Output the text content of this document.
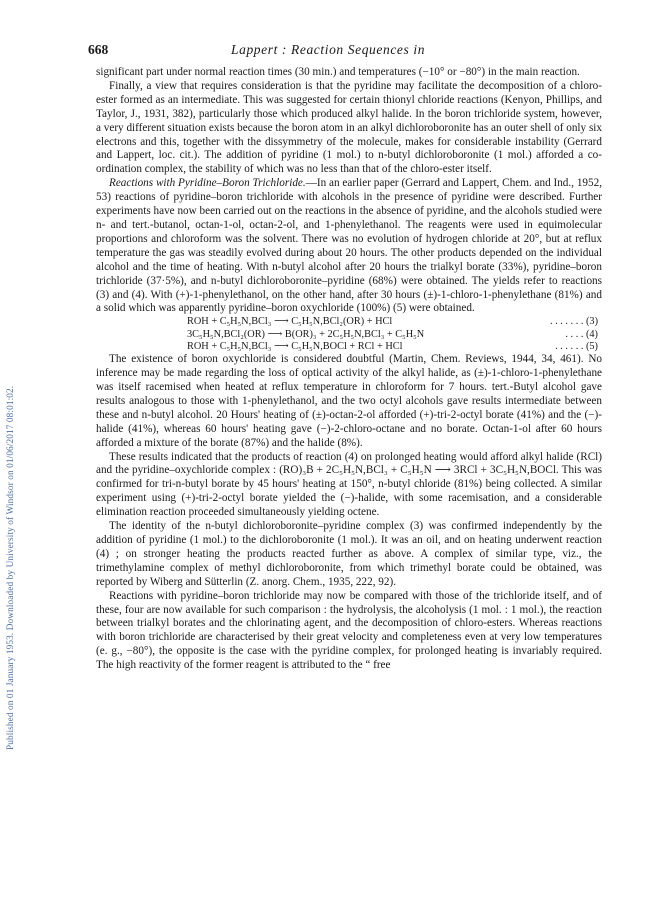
Published on 01 January 1953. Downloaded by University of Windsor on 01/06/2017 08:01:02.
668	Lappert : Reaction Sequences in

significant part under normal reaction times (30 min.) and temperatures (−10° or −80°) in the main reaction.

Finally, a view that requires consideration is that the pyridine may facilitate the decomposition of a chloro-ester formed as an intermediate. This was suggested for certain thionyl chloride reactions (Kenyon, Phillips, and Taylor, J., 1931, 382), particularly those which produced alkyl halide. In the boron trichloride system, however, a very different situation exists because the boron atom in an alkyl dichloroboronite has an outer shell of only six electrons and this, together with the dissymmetry of the molecule, makes for considerable instability (Gerrard and Lappert, loc. cit.). The addition of pyridine (1 mol.) to n-butyl dichloroboronite (1 mol.) afforded a co-ordination complex, the stability of which was no less than that of the chloro-ester itself.

Reactions with Pyridine–Boron Trichloride.—In an earlier paper (Gerrard and Lappert, Chem. and Ind., 1952, 53) reactions of pyridine–boron trichloride with alcohols in the presence of pyridine were described. Further experiments have now been carried out on the reactions in the absence of pyridine, and the alcohols studied were n- and tert.-butanol, octan-1-ol, octan-2-ol, and 1-phenylethanol. The reagents were used in equimolecular proportions and chloroform was the solvent. There was no evolution of hydrogen chloride at 20°, but at reflux temperature the gas was steadily evolved during about 20 hours. The other products depended on the individual alcohol and the time of heating. With n-butyl alcohol after 20 hours the trialkyl borate (33%), pyridine–boron trichloride (37·5%), and n-butyl dichloroboronite–pyridine (68%) were obtained. The yields refer to reactions (3) and (4). With (+)-1-phenylethanol, on the other hand, after 30 hours (±)-1-chloro-1-phenylethane (81%) and a solid which was apparently pyridine–boron oxychloride (100%) (5) were obtained.

ROH + C₅H₅N,BCl₃ ⟶ C₅H₅N,BCl₂(OR) + HCl	. . . . . . . (3)
3C₅H₅N,BCl₂(OR) ⟶ B(OR)₃ + 2C₅H₅N,BCl₃ + C₅H₅N	. . . . (4)
ROH + C₅H₅N,BCl₃ ⟶ C₅H₅N,BOCl + RCl + HCl	. . . . . . (5)

The existence of boron oxychloride is considered doubtful (Martin, Chem. Reviews, 1944, 34, 461). No inference may be made regarding the loss of optical activity of the alkyl halide, as (±)-1-chloro-1-phenylethane was itself racemised when heated at reflux temperature in chloroform for 7 hours. tert.-Butyl alcohol gave results analogous to those with 1-phenylethanol, and the two octyl alcohols gave results intermediate between these and n-butyl alcohol. 20 Hours' heating of (±)-octan-2-ol afforded (+)-tri-2-octyl borate (41%) and the (−)-halide (41%), whereas 60 hours' heating gave (−)-2-chloro-octane and no borate. Octan-1-ol after 60 hours afforded a mixture of the borate (87%) and the halide (8%).

These results indicated that the products of reaction (4) on prolonged heating would afford alkyl halide (RCl) and the pyridine–oxychloride complex : (RO)₃B + 2C₅H₅N,BCl₃ + C₅H₅N ⟶ 3RCl + 3C₅H₅N,BOCl. This was confirmed for tri-n-butyl borate by 45 hours' heating at 150°, n-butyl chloride (81%) being collected. A similar experiment using (+)-tri-2-octyl borate yielded the (−)-halide, with some racemisation, and a considerable elimination reaction proceeded simultaneously yielding octene.

The identity of the n-butyl dichloroboronite–pyridine complex (3) was confirmed independently by the addition of pyridine (1 mol.) to the dichloroboronite (1 mol.). It was an oil, and on heating underwent reaction (4) ; on stronger heating the products reacted further as above. A complex of similar type, viz., the trimethylamine complex of methyl dichloroboronite, from which trimethyl borate could be obtained, was reported by Wiberg and Sütterlin (Z. anorg. Chem., 1935, 222, 92).

Reactions with pyridine–boron trichloride may now be compared with those of the trichloride itself, and of these, four are now available for such comparison : the hydrolysis, the alcoholysis (1 mol. : 1 mol.), the reaction between trialkyl borates and the chlorinating agent, and the decomposition of chloro-esters. Whereas reactions with boron trichloride are characterised by their great velocity and completeness even at very low temperatures (e. g., −80°), the opposite is the case with the pyridine complex, for prolonged heating is invariably required. The high reactivity of the former reagent is attributed to the “ free
